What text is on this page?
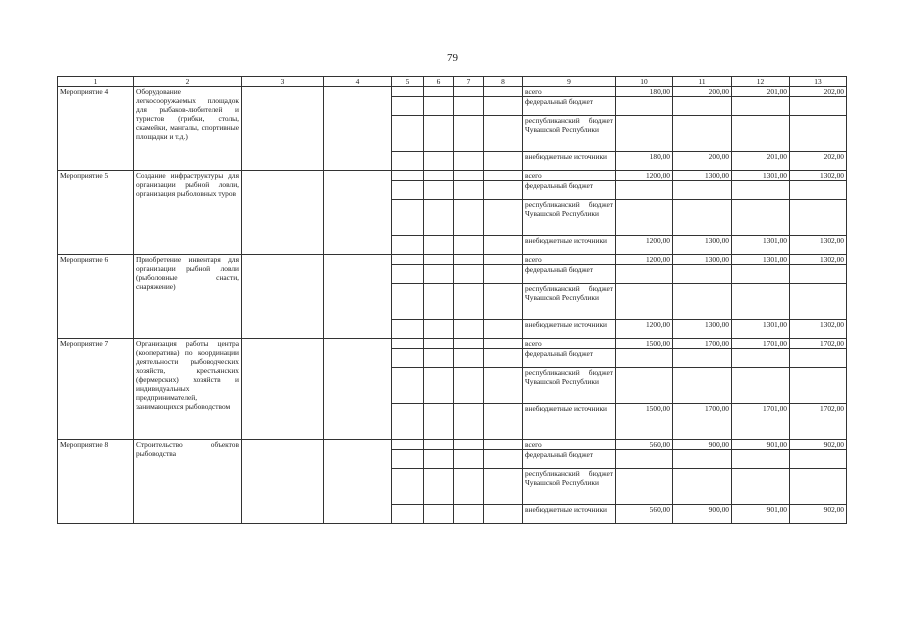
79
1	2	3	4	5	6	7	8	9	10	11	12	13
Мероприятие 4	Оборудование легкосооружаемых площадок для рыбаков-любителей и туристов (грибки, столы, скамейки, мангалы, спортивные площадки и т.д.)							всего	180,00	200,00	201,00	202,00
								федеральный бюджет				
								республиканский бюджет Чувашской Республики				
								внебюджетные источники	180,00	200,00	201,00	202,00
Мероприятие 5	Создание инфраструктуры для организации рыбной ловли, организация рыболовных туров							всего	1200,00	1300,00	1301,00	1302,00
								федеральный бюджет				
								республиканский бюджет Чувашской Республики				
								внебюджетные источники	1200,00	1300,00	1301,00	1302,00
Мероприятие 6	Приобретение инвентаря для организации рыбной ловли (рыболовные снасти, снаряжение)							всего	1200,00	1300,00	1301,00	1302,00
								федеральный бюджет				
								республиканский бюджет Чувашской Республики				
								внебюджетные источники	1200,00	1300,00	1301,00	1302,00
Мероприятие 7	Организация работы центра (кооператива) по координации деятельности рыбоводческих хозяйств, крестьянских (фермерских) хозяйств и индивидуальных предпринимателей, занимающихся рыбоводством							всего	1500,00	1700,00	1701,00	1702,00
								федеральный бюджет				
								республиканский бюджет Чувашской Республики				
								внебюджетные источники	1500,00	1700,00	1701,00	1702,00
Мероприятие 8	Строительство объектов рыбоводства							всего	560,00	900,00	901,00	902,00
								федеральный бюджет				
								республиканский бюджет Чувашской Республики				
								внебюджетные источники	560,00	900,00	901,00	902,00
